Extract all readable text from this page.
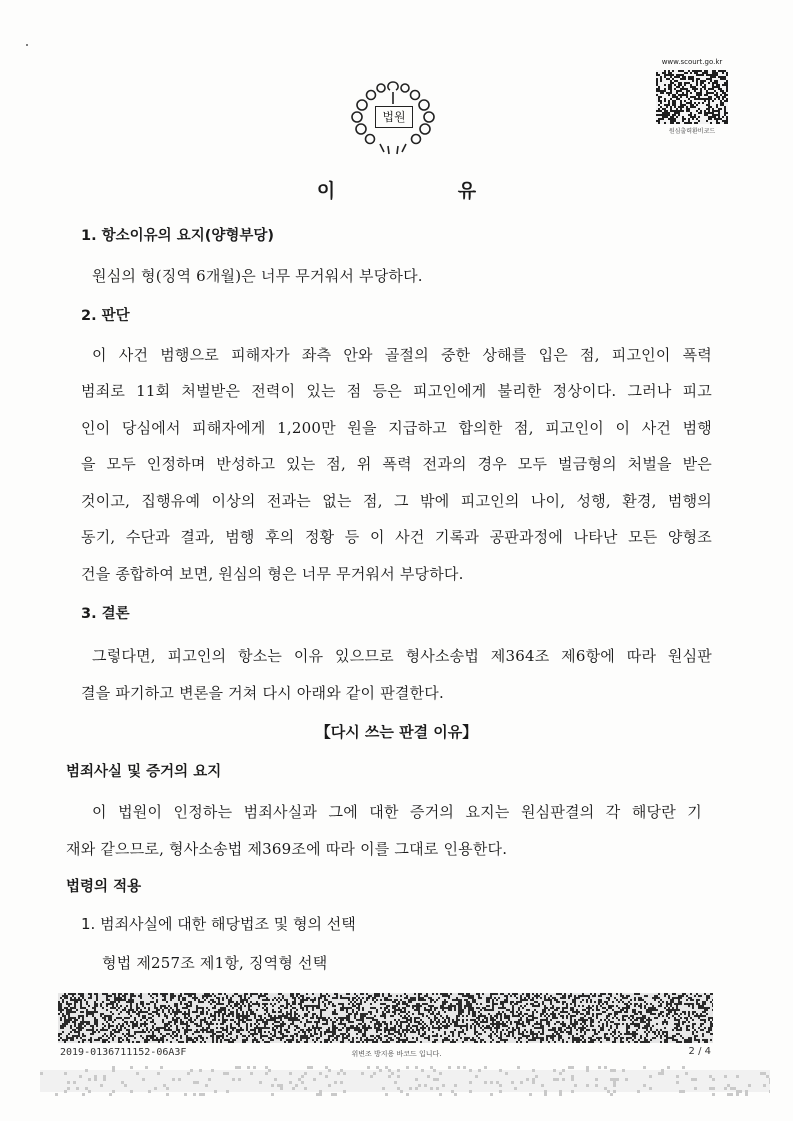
법원
www.scourt.go.kr
원심출력환비코드
이 유
1. 항소이유의 요지(양형부당)
원심의 형(징역 6개월)은 너무 무거워서 부당하다.
2. 판단
이 사건 범행으로 피해자가 좌측 안와 골절의 중한 상해를 입은 점, 피고인이 폭력
범죄로 11회 처벌받은 전력이 있는 점 등은 피고인에게 불리한 정상이다. 그러나 피고
인이 당심에서 피해자에게 1,200만 원을 지급하고 합의한 점, 피고인이 이 사건 범행
을 모두 인정하며 반성하고 있는 점, 위 폭력 전과의 경우 모두 벌금형의 처벌을 받은
것이고, 집행유예 이상의 전과는 없는 점, 그 밖에 피고인의 나이, 성행, 환경, 범행의
동기, 수단과 결과, 범행 후의 정황 등 이 사건 기록과 공판과정에 나타난 모든 양형조
건을 종합하여 보면, 원심의 형은 너무 무거워서 부당하다.
3. 결론
그렇다면, 피고인의 항소는 이유 있으므로 형사소송법 제364조 제6항에 따라 원심판
결을 파기하고 변론을 거쳐 다시 아래와 같이 판결한다.
【다시 쓰는 판결 이유】
범죄사실 및 증거의 요지
이 법원이 인정하는 범죄사실과 그에 대한 증거의 요지는 원심판결의 각 해당란 기
재와 같으므로, 형사소송법 제369조에 따라 이를 그대로 인용한다.
법령의 적용
1. 범죄사실에 대한 해당법조 및 형의 선택
형법 제257조 제1항, 징역형 선택
2019-0136711152-06A3F	위변조 방지용 바코드 입니다.	2 / 4
